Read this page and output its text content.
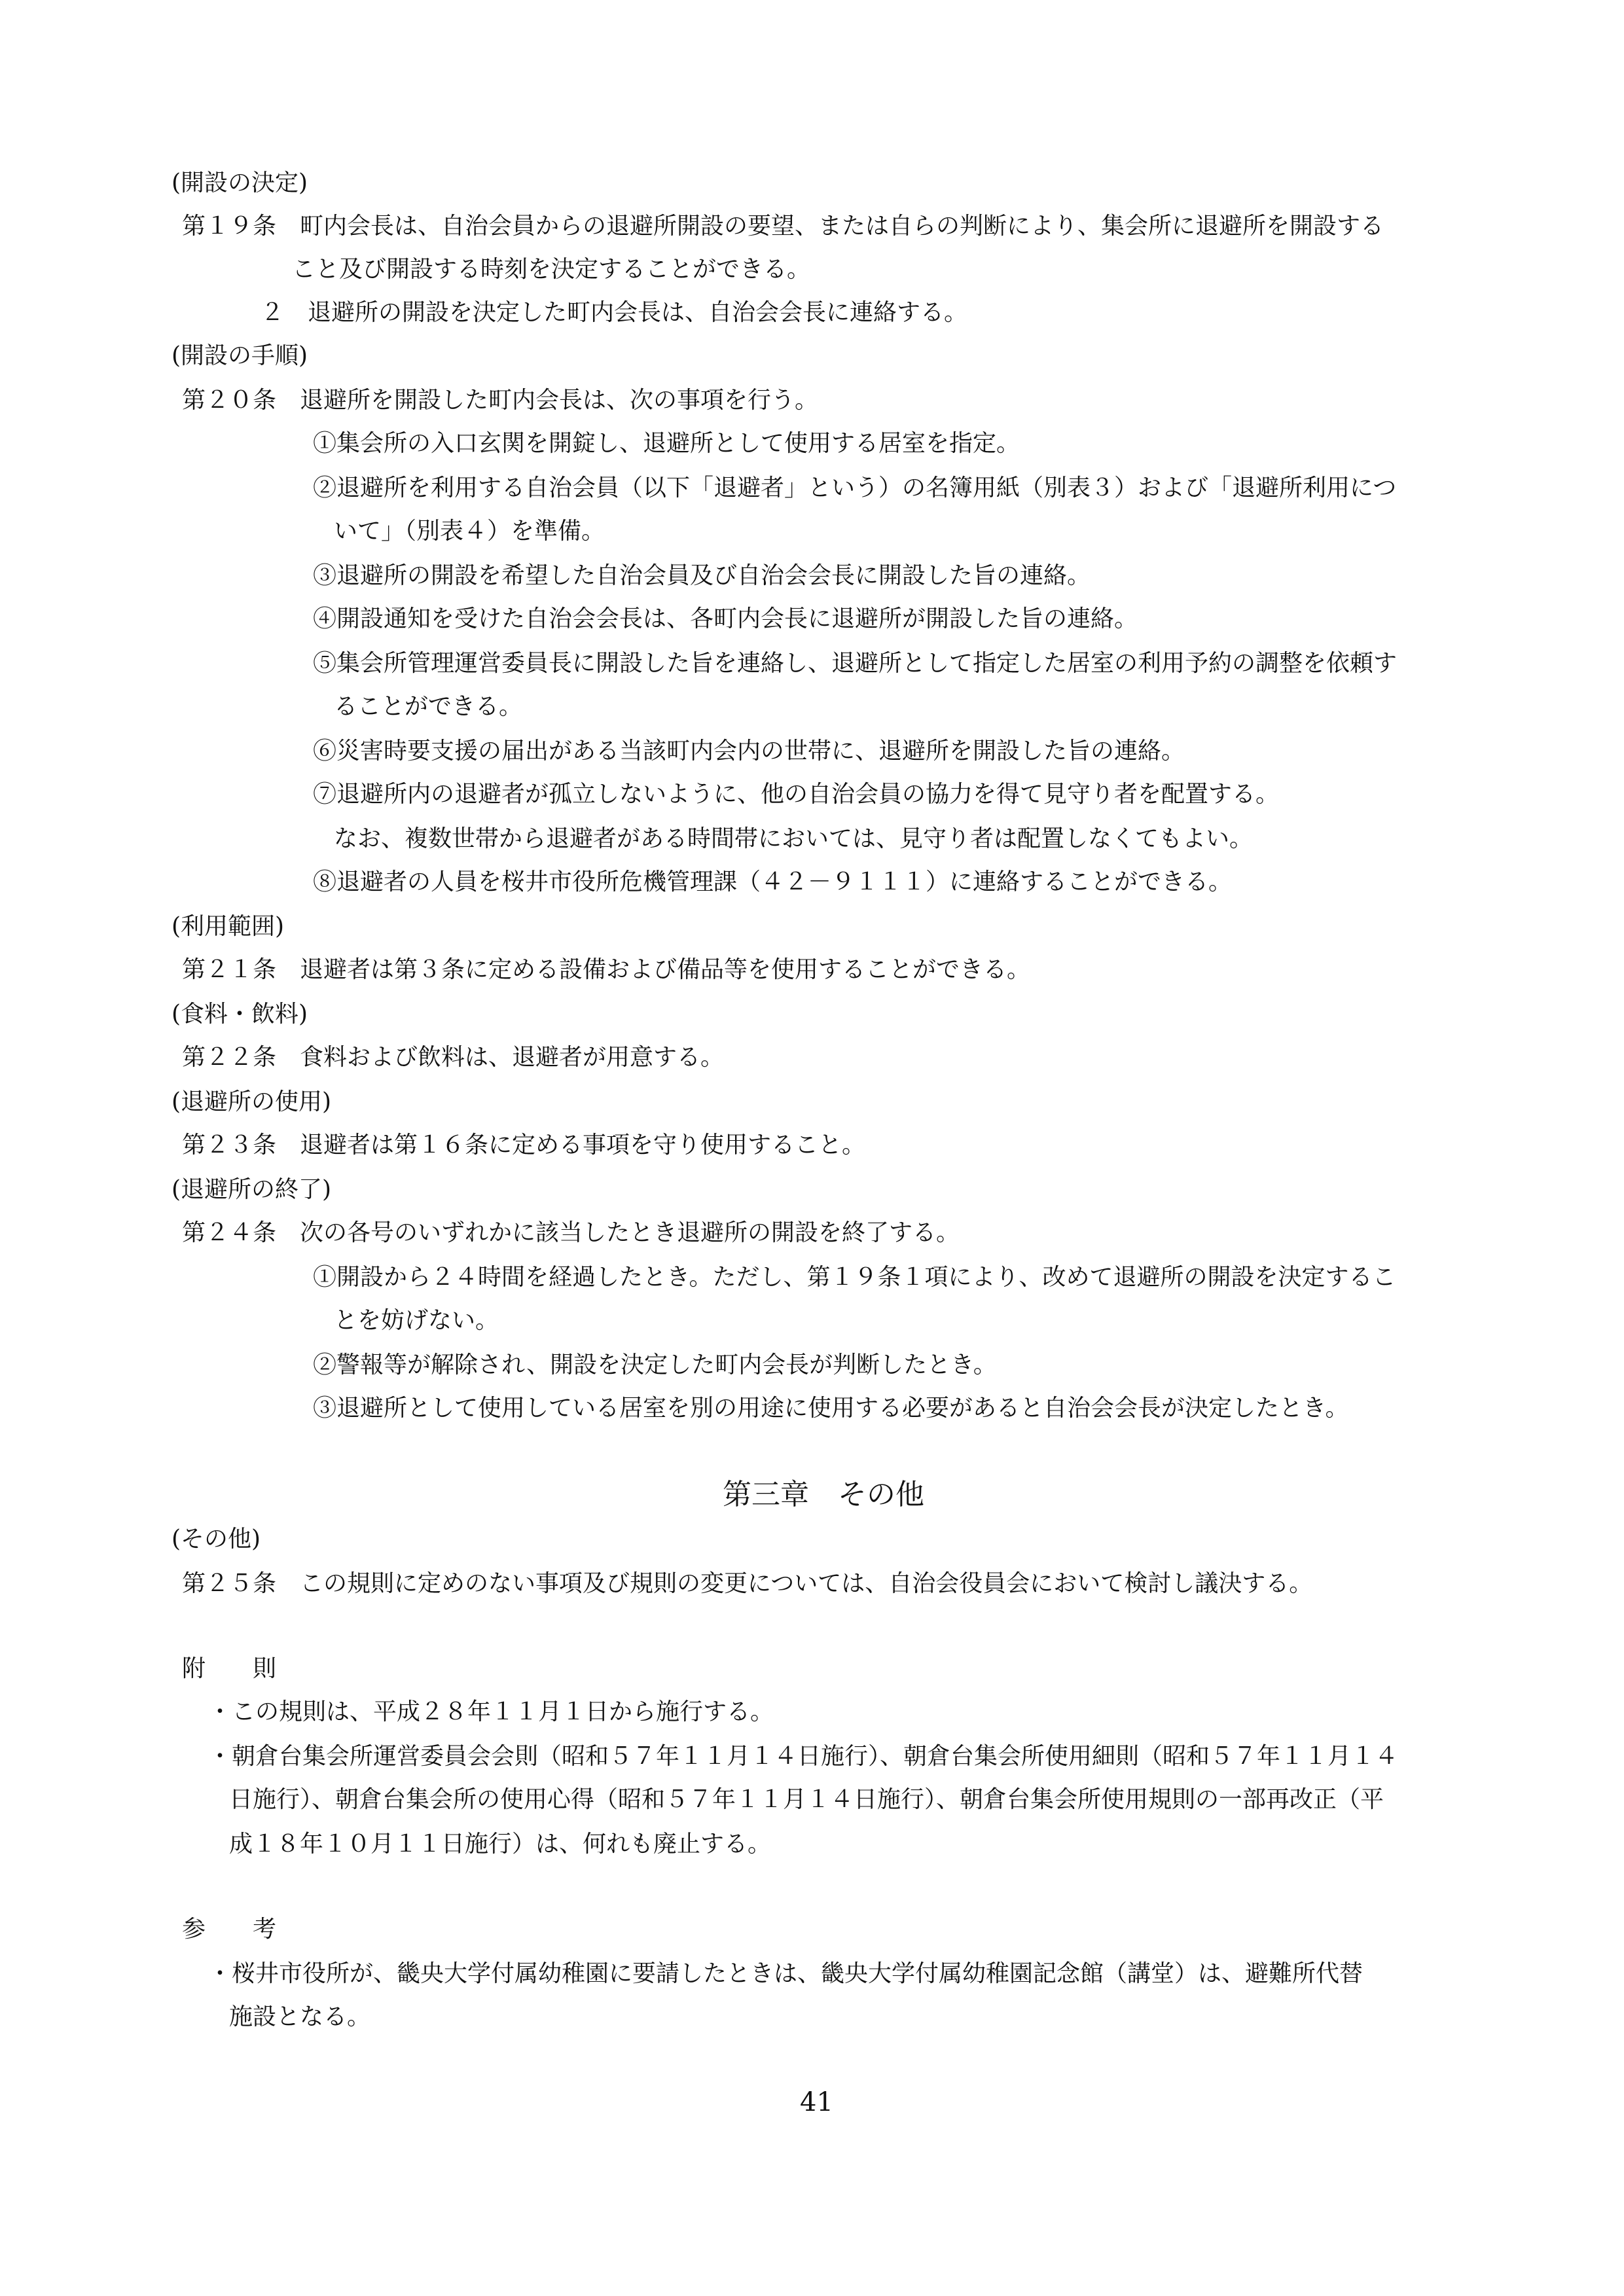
(開設の決定)
第１９条　町内会長は、自治会員からの退避所開設の要望、または自らの判断により、集会所に退避所を開設する
こと及び開設する時刻を決定することができる。
２　退避所の開設を決定した町内会長は、自治会会長に連絡する。
(開設の手順)
第２０条　退避所を開設した町内会長は、次の事項を行う。
①集会所の入口玄関を開錠し、退避所として使用する居室を指定。
②退避所を利用する自治会員（以下「退避者」という）の名簿用紙（別表３）および「退避所利用につ
いて」（別表４）を準備。
③退避所の開設を希望した自治会員及び自治会会長に開設した旨の連絡。
④開設通知を受けた自治会会長は、各町内会長に退避所が開設した旨の連絡。
⑤集会所管理運営委員長に開設した旨を連絡し、退避所として指定した居室の利用予約の調整を依頼す
ることができる。
⑥災害時要支援の届出がある当該町内会内の世帯に、退避所を開設した旨の連絡。
⑦退避所内の退避者が孤立しないように、他の自治会員の協力を得て見守り者を配置する。
なお、複数世帯から退避者がある時間帯においては、見守り者は配置しなくてもよい。
⑧退避者の人員を桜井市役所危機管理課（４２－９１１１）に連絡することができる。
(利用範囲)
第２１条　退避者は第３条に定める設備および備品等を使用することができる。
(食料・飲料)
第２２条　食料および飲料は、退避者が用意する。
(退避所の使用)
第２３条　退避者は第１６条に定める事項を守り使用すること。
(退避所の終了)
第２４条　次の各号のいずれかに該当したとき退避所の開設を終了する。
①開設から２４時間を経過したとき。ただし、第１９条１項により、改めて退避所の開設を決定するこ
とを妨げない。
②警報等が解除され、開設を決定した町内会長が判断したとき。
③退避所として使用している居室を別の用途に使用する必要があると自治会会長が決定したとき。
第三章　その他
(その他)
第２５条　この規則に定めのない事項及び規則の変更については、自治会役員会において検討し議決する。
附　　則
・この規則は、平成２８年１１月１日から施行する。
・朝倉台集会所運営委員会会則（昭和５７年１１月１４日施行）、朝倉台集会所使用細則（昭和５７年１１月１４
日施行）、朝倉台集会所の使用心得（昭和５７年１１月１４日施行）、朝倉台集会所使用規則の一部再改正（平
成１８年１０月１１日施行）は、何れも廃止する。
参　　考
・桜井市役所が、畿央大学付属幼稚園に要請したときは、畿央大学付属幼稚園記念館（講堂）は、避難所代替
施設となる。
41
